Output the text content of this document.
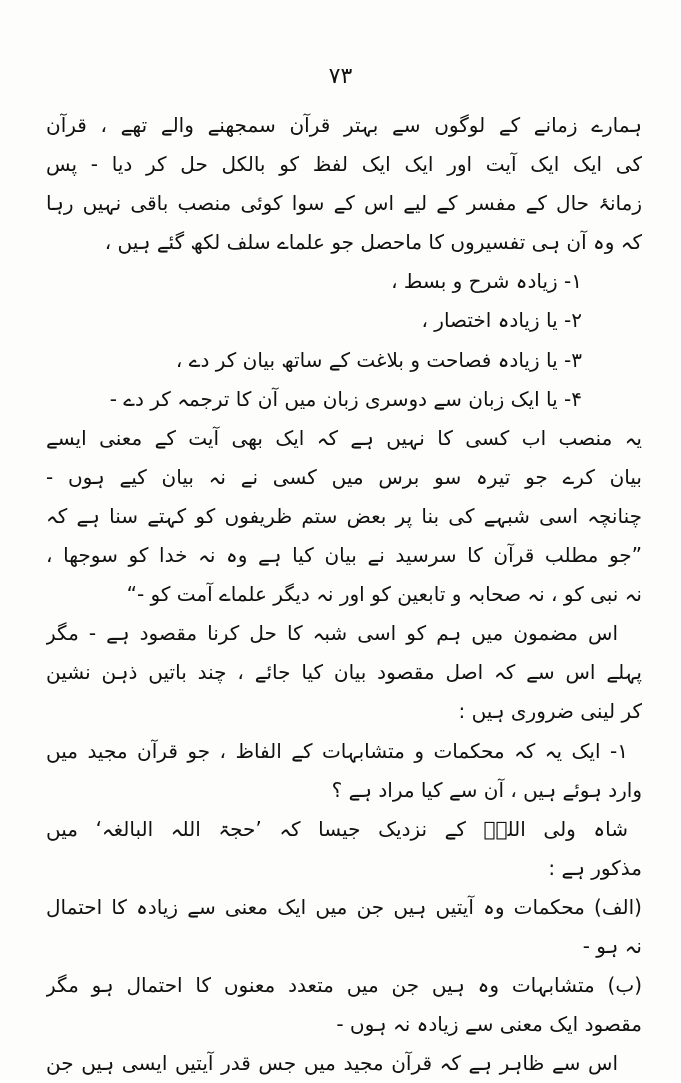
۷۳
ہمارے زمانے کے لوگوں سے بہتر قرآن سمجھنے والے تھے ، قرآن
کی ایک ایک آیت اور ایک ایک لفظ کو بالکل حل کر دیا - پس
زمانۂ حال کے مفسر کے لیے اس کے سوا کوئی منصب باقی نہیں رہا
کہ وہ آن ہی تفسیروں کا ماحصل جو علماے سلف لکھ گئے ہیں ،
۱- زیادہ شرح و بسط ،
۲- یا زیادہ اختصار ،
۳- یا زیادہ فصاحت و بلاغت کے ساتھ بیان کر دے ،
۴- یا ایک زبان سے دوسری زبان میں آن کا ترجمہ کر دے -
یہ منصب اب کسی کا نہیں ہے کہ ایک بھی آیت کے معنی ایسے
بیان کرے جو تیرہ سو برس میں کسی نے نہ بیان کیے ہوں -
چنانچہ اسی شبہے کی بنا پر بعض ستم ظریفوں کو کہتے سنا ہے کہ
”جو مطلب قرآن کا سرسید نے بیان کیا ہے وہ نہ خدا کو سوجھا ،
نہ نبی کو ، نہ صحابہ و تابعین کو اور نہ دیگر علماے آمت کو -“
اس مضمون میں ہم کو اسی شبہ کا حل کرنا مقصود ہے - مگر
پہلے اس سے کہ اصل مقصود بیان کیا جائے ، چند باتیں ذہن نشین
کر لینی ضروری ہیں :
۱- ایک یہ کہ محکمات و متشابہات کے الفاظ ، جو قرآن مجید میں
وارد ہوئے ہیں ، آن سے کیا مراد ہے ؟
شاہ ولی اللہؒ کے نزدیک جیسا کہ ’حجۃ اللہ البالغہ‘ میں
مذکور ہے :
(الف) محکمات وہ آیتیں ہیں جن میں ایک معنی سے زیادہ کا احتمال
نہ ہو -
(ب) متشابہات وہ ہیں جن میں متعدد معنوں کا احتمال ہو مگر
مقصود ایک معنی سے زیادہ نہ ہوں -
اس سے ظاہر ہے کہ قرآن مجید میں جس قدر آیتیں ایسی ہیں جن
